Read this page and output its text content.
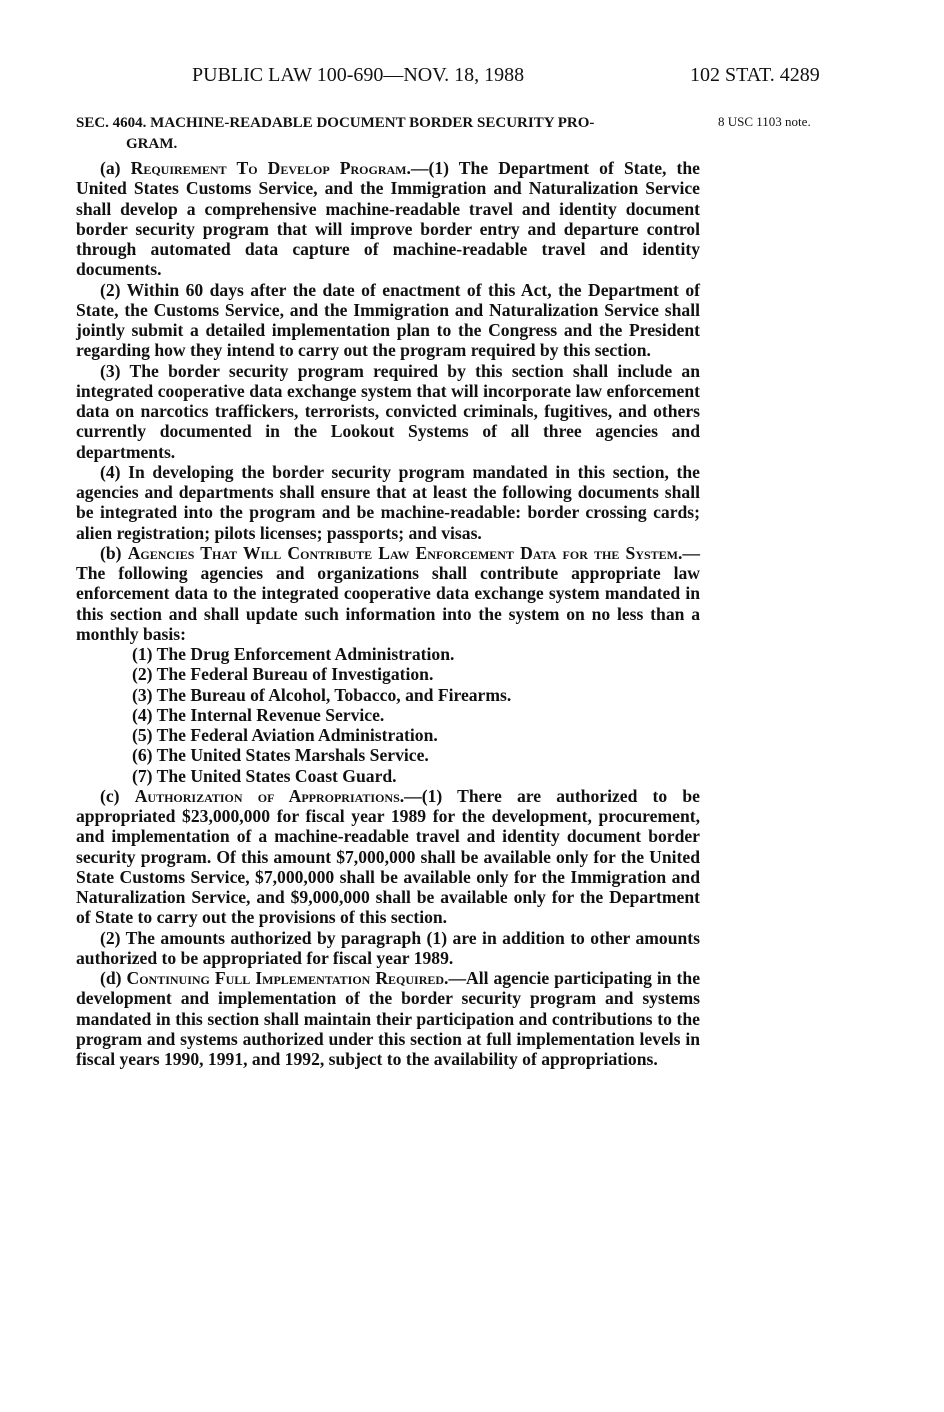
PUBLIC LAW 100-690—NOV. 18, 1988	102 STAT. 4289
SEC. 4604. MACHINE-READABLE DOCUMENT BORDER SECURITY PRO-
GRAM.
8 USC 1103 note.

(a) Requirement To Develop Program.—(1) The Department of State, the United States Customs Service, and the Immigration and Naturalization Service shall develop a comprehensive machine-readable travel and identity document border security program that will improve border entry and departure control through automated data capture of machine-readable travel and identity documents.

(2) Within 60 days after the date of enactment of this Act, the Department of State, the Customs Service, and the Immigration and Naturalization Service shall jointly submit a detailed implementation plan to the Congress and the President regarding how they intend to carry out the program required by this section.

(3) The border security program required by this section shall include an integrated cooperative data exchange system that will incorporate law enforcement data on narcotics traffickers, terrorists, convicted criminals, fugitives, and others currently documented in the Lookout Systems of all three agencies and departments.

(4) In developing the border security program mandated in this section, the agencies and departments shall ensure that at least the following documents shall be integrated into the program and be machine-readable: border crossing cards; alien registration; pilots licenses; passports; and visas.

(b) Agencies That Will Contribute Law Enforcement Data for the System.—The following agencies and organizations shall contribute appropriate law enforcement data to the integrated cooperative data exchange system mandated in this section and shall update such information into the system on no less than a monthly basis:

(1) The Drug Enforcement Administration.
(2) The Federal Bureau of Investigation.
(3) The Bureau of Alcohol, Tobacco, and Firearms.
(4) The Internal Revenue Service.
(5) The Federal Aviation Administration.
(6) The United States Marshals Service.
(7) The United States Coast Guard.

(c) Authorization of Appropriations.—(1) There are authorized to be appropriated $23,000,000 for fiscal year 1989 for the development, procurement, and implementation of a machine-readable travel and identity document border security program. Of this amount $7,000,000 shall be available only for the United State Customs Service, $7,000,000 shall be available only for the Immigration and Naturalization Service, and $9,000,000 shall be available only for the Department of State to carry out the provisions of this section.

(2) The amounts authorized by paragraph (1) are in addition to other amounts authorized to be appropriated for fiscal year 1989.

(d) Continuing Full Implementation Required.—All agencie participating in the development and implementation of the border security program and systems mandated in this section shall maintain their participation and contributions to the program and systems authorized under this section at full implementation levels in fiscal years 1990, 1991, and 1992, subject to the availability of appropriations.
